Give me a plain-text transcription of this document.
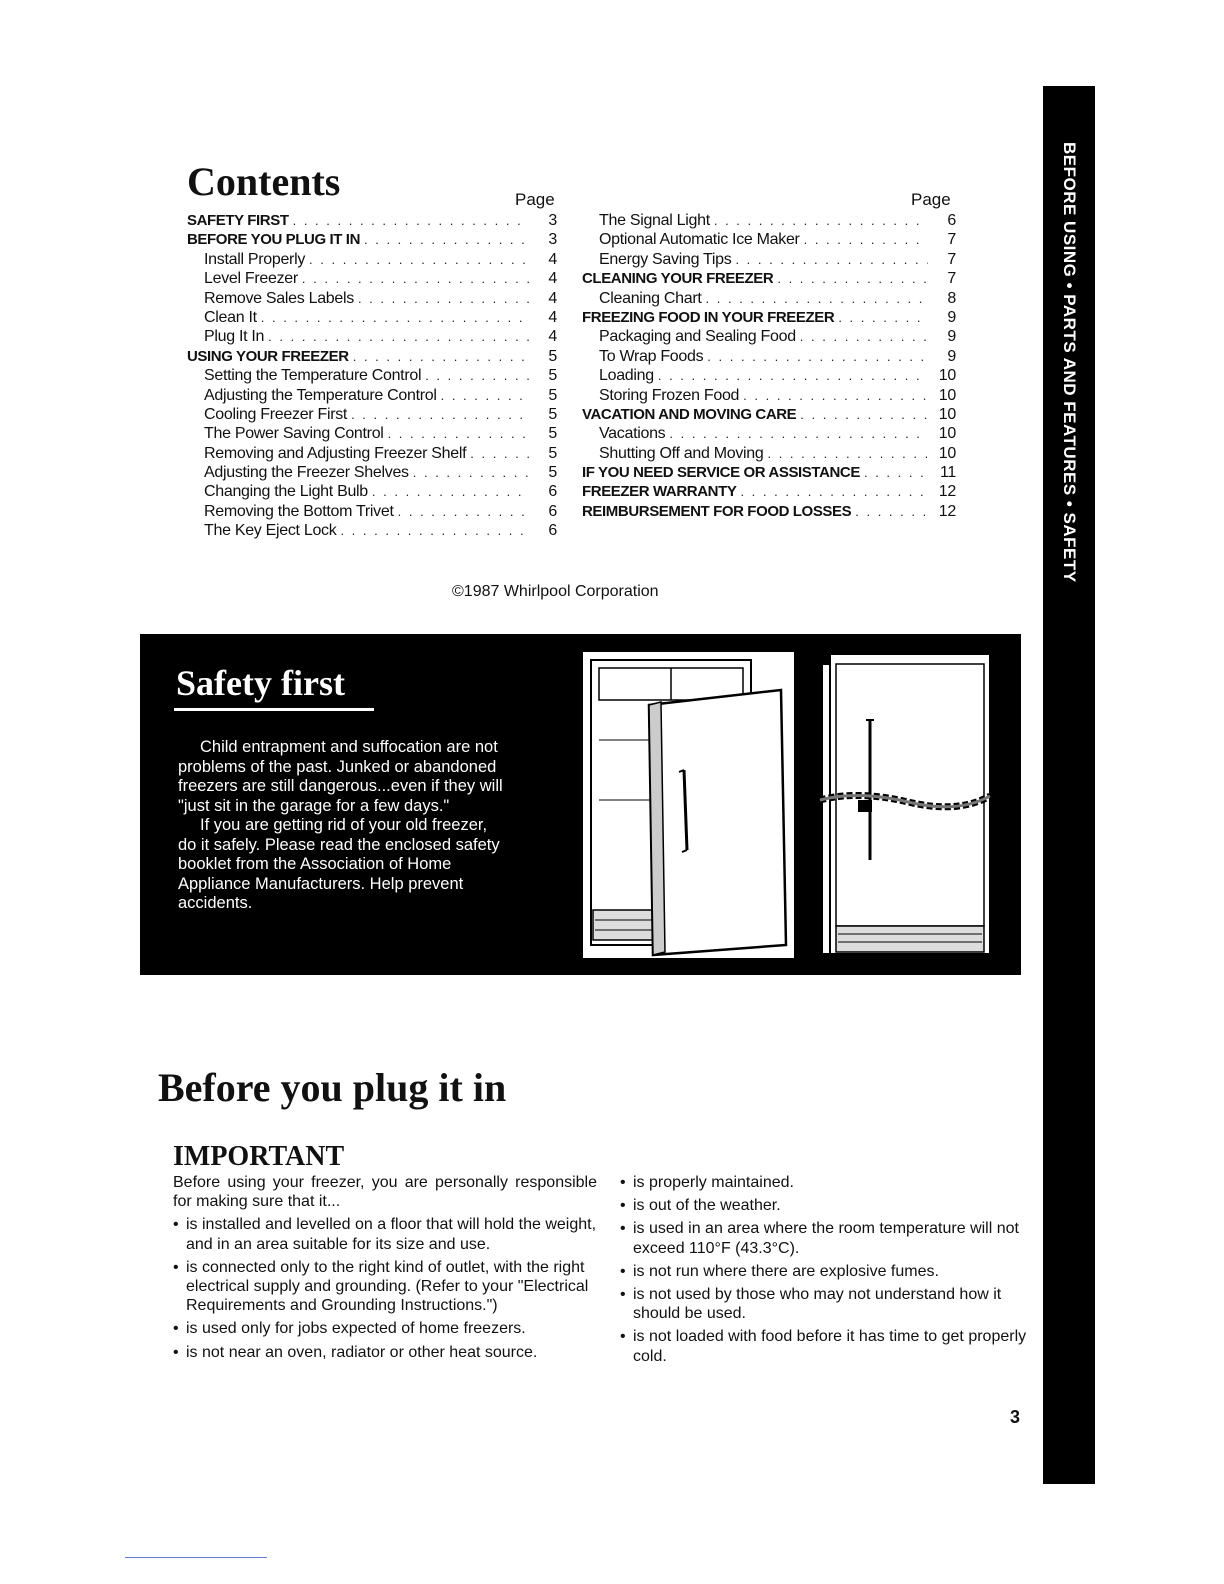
Contents	Page	Page
SAFETY FIRST . . .	3
BEFORE YOU PLUG IT IN . . .	3
Install Properly . . .	4
Level Freezer . . .	4
Remove Sales Labels . . .	4
Clean It . . .	4
Plug It In . . .	4
USING YOUR FREEZER . . .	5
Setting the Temperature Control . . .	5
Adjusting the Temperature Control . . .	5
Cooling Freezer First . . .	5
The Power Saving Control . . .	5
Removing and Adjusting Freezer Shelf . . .	5
Adjusting the Freezer Shelves . . .	5
Changing the Light Bulb . . .	6
Removing the Bottom Trivet . . .	6
The Key Eject Lock . . .	6
The Signal Light . . .	6
Optional Automatic Ice Maker . . .	7
Energy Saving Tips . . .	7
CLEANING YOUR FREEZER . . .	7
Cleaning Chart . . .	8
FREEZING FOOD IN YOUR FREEZER . . .	9
Packaging and Sealing Food . . .	9
To Wrap Foods . . .	9
Loading . . .	10
Storing Frozen Food . . .	10
VACATION AND MOVING CARE . . .	10
Vacations . . .	10
Shutting Off and Moving . . .	10
IF YOU NEED SERVICE OR ASSISTANCE . . .	11
FREEZER WARRANTY . . .	12
REIMBURSEMENT FOR FOOD LOSSES . . .	12

©1987 Whirlpool Corporation

BEFORE USING • PARTS AND FEATURES • SAFETY
Safety first

Child entrapment and suffocation are not problems of the past. Junked or abandoned freezers are still dangerous...even if they will "just sit in the garage for a few days."

If you are getting rid of your old freezer, do it safely. Please read the enclosed safety booklet from the Association of Home Appliance Manufacturers. Help prevent accidents.

Before you plug it in
IMPORTANT

Before using your freezer, you are personally responsible for making sure that it...

• is installed and levelled on a floor that will hold the weight, and in an area suitable for its size and use.
• is connected only to the right kind of outlet, with the right electrical supply and grounding. (Refer to your "Electrical Requirements and Grounding Instructions.")
• is used only for jobs expected of home freezers.
• is not near an oven, radiator or other heat source.
• is properly maintained.
• is out of the weather.
• is used in an area where the room temperature will not exceed 110°F (43.3°C).
• is not run where there are explosive fumes.
• is not used by those who may not understand how it should be used.
• is not loaded with food before it has time to get properly cold.

3
